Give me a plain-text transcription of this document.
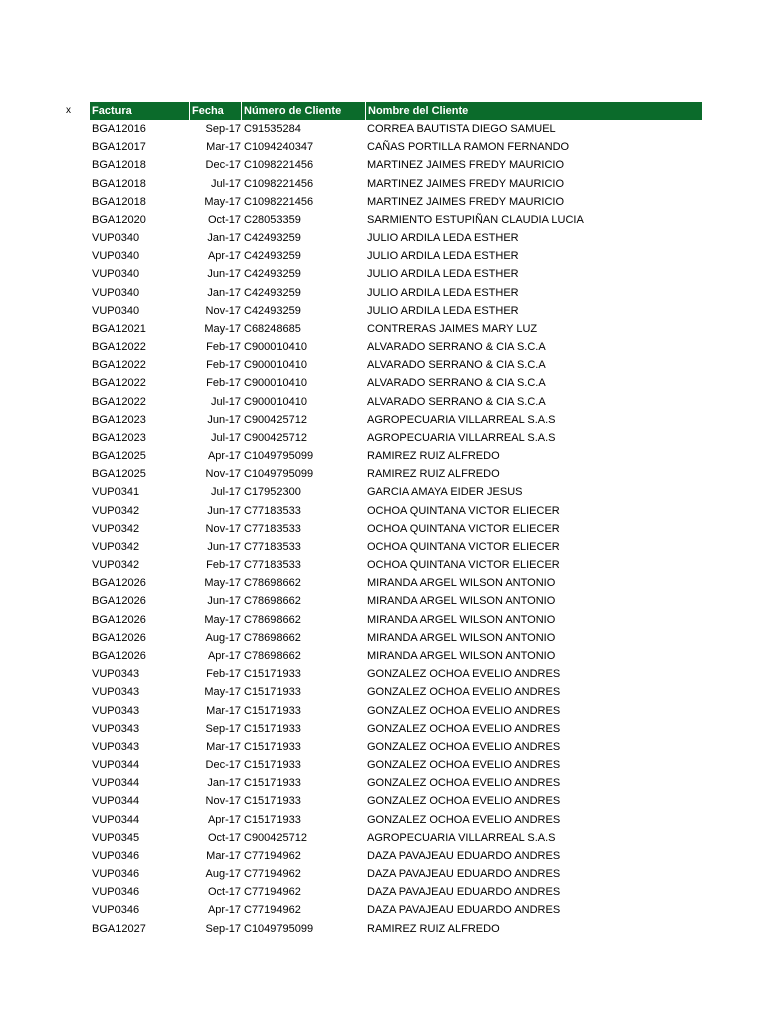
x Factura	Fecha	Número de Cliente	Nombre del Cliente
BGA12016	Sep-17 C91535284	CORREA BAUTISTA DIEGO SAMUEL
BGA12017	Mar-17 C1094240347	CAÑAS PORTILLA RAMON FERNANDO
BGA12018	Dec-17 C1098221456	MARTINEZ JAIMES FREDY MAURICIO
BGA12018	Jul-17 C1098221456	MARTINEZ JAIMES FREDY MAURICIO
BGA12018	May-17 C1098221456	MARTINEZ JAIMES FREDY MAURICIO
BGA12020	Oct-17 C28053359	SARMIENTO ESTUPIÑAN CLAUDIA LUCIA
VUP0340	Jan-17 C42493259	JULIO ARDILA LEDA ESTHER
VUP0340	Apr-17 C42493259	JULIO ARDILA LEDA ESTHER
VUP0340	Jun-17 C42493259	JULIO ARDILA LEDA ESTHER
VUP0340	Jan-17 C42493259	JULIO ARDILA LEDA ESTHER
VUP0340	Nov-17 C42493259	JULIO ARDILA LEDA ESTHER
BGA12021	May-17 C68248685	CONTRERAS JAIMES MARY LUZ
BGA12022	Feb-17 C900010410	ALVARADO SERRANO & CIA S.C.A
BGA12022	Feb-17 C900010410	ALVARADO SERRANO & CIA S.C.A
BGA12022	Feb-17 C900010410	ALVARADO SERRANO & CIA S.C.A
BGA12022	Jul-17 C900010410	ALVARADO SERRANO & CIA S.C.A
BGA12023	Jun-17 C900425712	AGROPECUARIA VILLARREAL S.A.S
BGA12023	Jul-17 C900425712	AGROPECUARIA VILLARREAL S.A.S
BGA12025	Apr-17 C1049795099	RAMIREZ RUIZ ALFREDO
BGA12025	Nov-17 C1049795099	RAMIREZ RUIZ ALFREDO
VUP0341	Jul-17 C17952300	GARCIA AMAYA EIDER JESUS
VUP0342	Jun-17 C77183533	OCHOA QUINTANA VICTOR ELIECER
VUP0342	Nov-17 C77183533	OCHOA QUINTANA VICTOR ELIECER
VUP0342	Jun-17 C77183533	OCHOA QUINTANA VICTOR ELIECER
VUP0342	Feb-17 C77183533	OCHOA QUINTANA VICTOR ELIECER
BGA12026	May-17 C78698662	MIRANDA ARGEL WILSON ANTONIO
BGA12026	Jun-17 C78698662	MIRANDA ARGEL WILSON ANTONIO
BGA12026	May-17 C78698662	MIRANDA ARGEL WILSON ANTONIO
BGA12026	Aug-17 C78698662	MIRANDA ARGEL WILSON ANTONIO
BGA12026	Apr-17 C78698662	MIRANDA ARGEL WILSON ANTONIO
VUP0343	Feb-17 C15171933	GONZALEZ OCHOA EVELIO ANDRES
VUP0343	May-17 C15171933	GONZALEZ OCHOA EVELIO ANDRES
VUP0343	Mar-17 C15171933	GONZALEZ OCHOA EVELIO ANDRES
VUP0343	Sep-17 C15171933	GONZALEZ OCHOA EVELIO ANDRES
VUP0343	Mar-17 C15171933	GONZALEZ OCHOA EVELIO ANDRES
VUP0344	Dec-17 C15171933	GONZALEZ OCHOA EVELIO ANDRES
VUP0344	Jan-17 C15171933	GONZALEZ OCHOA EVELIO ANDRES
VUP0344	Nov-17 C15171933	GONZALEZ OCHOA EVELIO ANDRES
VUP0344	Apr-17 C15171933	GONZALEZ OCHOA EVELIO ANDRES
VUP0345	Oct-17 C900425712	AGROPECUARIA VILLARREAL S.A.S
VUP0346	Mar-17 C77194962	DAZA PAVAJEAU EDUARDO ANDRES
VUP0346	Aug-17 C77194962	DAZA PAVAJEAU EDUARDO ANDRES
VUP0346	Oct-17 C77194962	DAZA PAVAJEAU EDUARDO ANDRES
VUP0346	Apr-17 C77194962	DAZA PAVAJEAU EDUARDO ANDRES
BGA12027	Sep-17 C1049795099	RAMIREZ RUIZ ALFREDO
